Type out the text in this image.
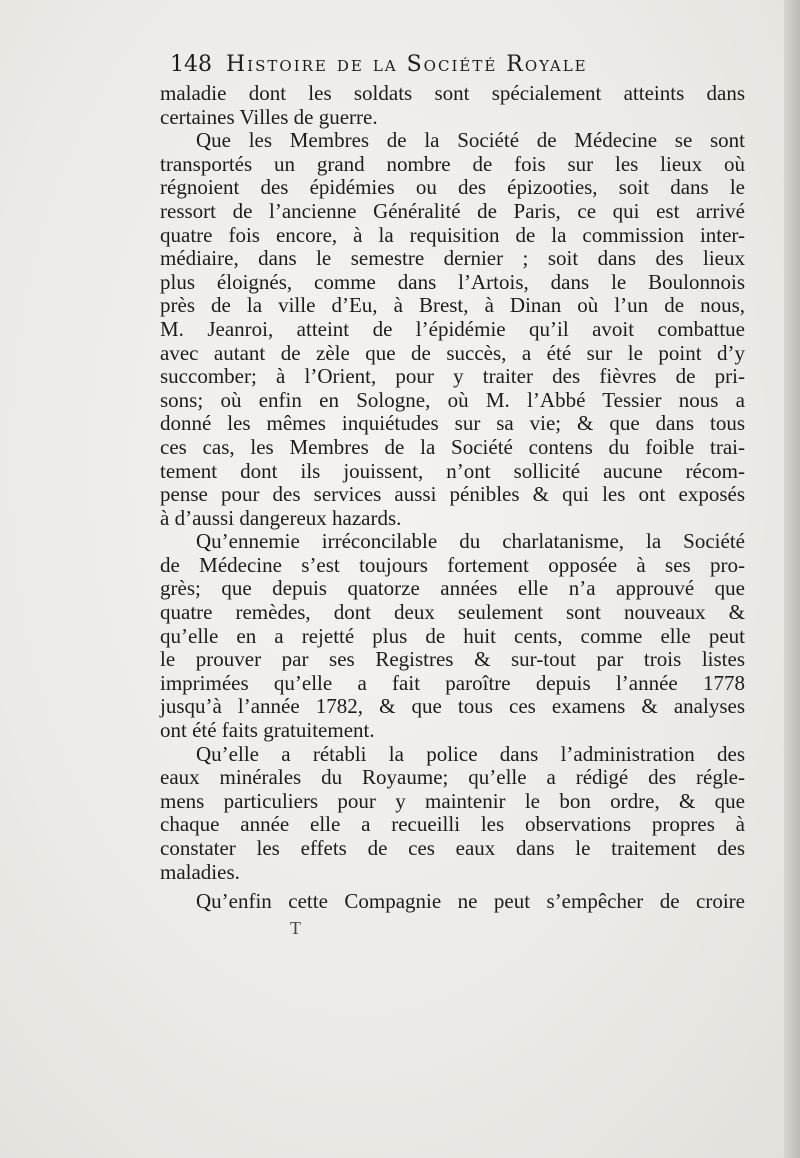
148 Histoire de la Société Royale
maladie dont les soldats sont spécialement atteints dans
certaines Villes de guerre.
Que les Membres de la Société de Médecine se sont
transportés un grand nombre de fois sur les lieux où
régnoient des épidémies ou des épizooties, soit dans le
ressort de l’ancienne Généralité de Paris, ce qui est arrivé
quatre fois encore, à la requisition de la commission inter-
médiaire, dans le semestre dernier ; soit dans des lieux
plus éloignés, comme dans l’Artois, dans le Boulonnois
près de la ville d’Eu, à Brest, à Dinan où l’un de nous,
M. Jeanroi, atteint de l’épidémie qu’il avoit combattue
avec autant de zèle que de succès, a été sur le point d’y
succomber; à l’Orient, pour y traiter des fièvres de pri-
sons; où enfin en Sologne, où M. l’Abbé Tessier nous a
donné les mêmes inquiétudes sur sa vie; & que dans tous
ces cas, les Membres de la Société contens du foible trai-
tement dont ils jouissent, n’ont sollicité aucune récom-
pense pour des services aussi pénibles & qui les ont exposés
à d’aussi dangereux hazards.
Qu’ennemie irréconcilable du charlatanisme, la Société
de Médecine s’est toujours fortement opposée à ses pro-
grès; que depuis quatorze années elle n’a approuvé que
quatre remèdes, dont deux seulement sont nouveaux &
qu’elle en a rejetté plus de huit cents, comme elle peut
le prouver par ses Registres & sur-tout par trois listes
imprimées qu’elle a fait paroître depuis l’année 1778
jusqu’à l’année 1782, & que tous ces examens & analyses
ont été faits gratuitement.
Qu’elle a rétabli la police dans l’administration des
eaux minérales du Royaume; qu’elle a rédigé des régle-
mens particuliers pour y maintenir le bon ordre, & que
chaque année elle a recueilli les observations propres à
constater les effets de ces eaux dans le traitement des
maladies.
Qu’enfin cette Compagnie ne peut s’empêcher de croire
T
